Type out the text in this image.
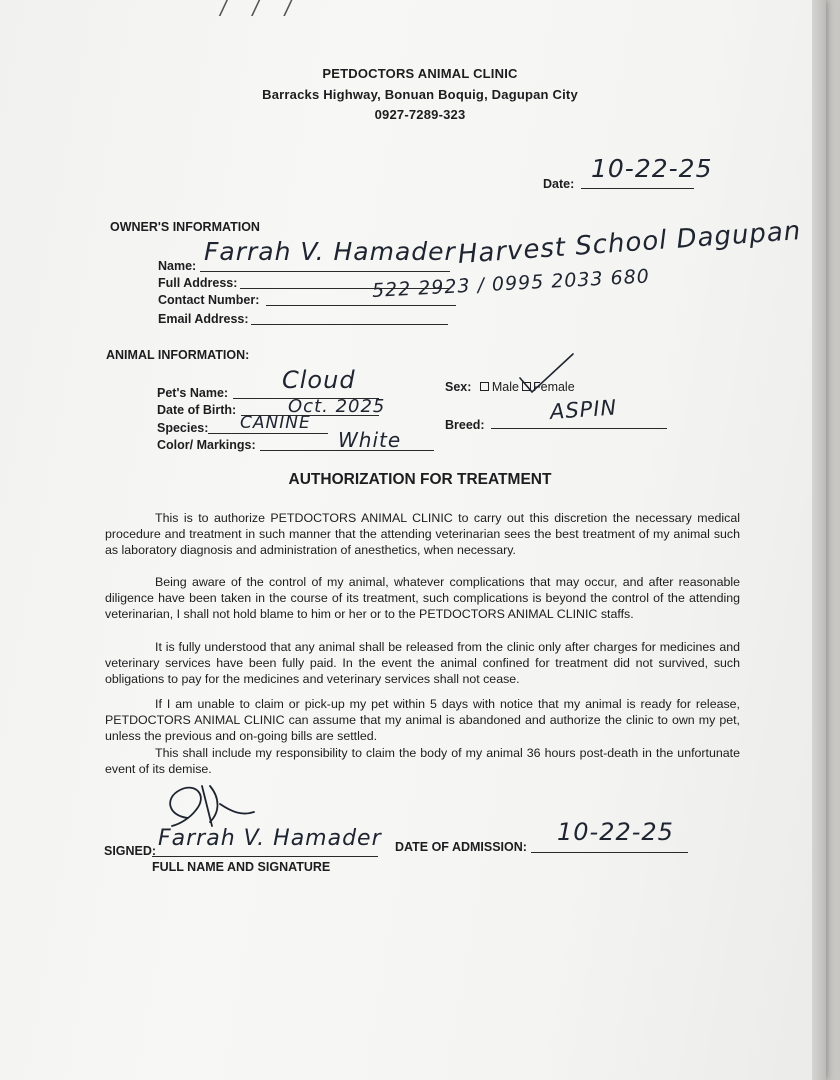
/ / /
PETDOCTORS ANIMAL CLINIC
Barracks Highway, Bonuan Boquig, Dagupan City
0927-7289-323
Date:
10-22-25
OWNER'S INFORMATION
Name: Farrah V. Hamader
Full Address:
Harvest School Dagupan
Contact Number:	522 2923 / 0995 2033 680
Email Address:
ANIMAL INFORMATION:
Pet's Name: Cloud
Date of Birth:	Oct. 2025
Species: CANINE
Color/ Markings:	White
Sex: Male Female
Breed:
ASPIN
AUTHORIZATION FOR TREATMENT

This is to authorize PETDOCTORS ANIMAL CLINIC to carry out this discretion the necessary medical procedure and treatment in such manner that the attending veterinarian sees the best treatment of my animal such as laboratory diagnosis and administration of anesthetics, when necessary.

Being aware of the control of my animal, whatever complications that may occur, and after reasonable diligence have been taken in the course of its treatment, such complications is beyond the control of the attending veterinarian, I shall not hold blame to him or her or to the PETDOCTORS ANIMAL CLINIC staffs.

It is fully understood that any animal shall be released from the clinic only after charges for medicines and veterinary services have been fully paid. In the event the animal confined for treatment did not survived, such obligations to pay for the medicines and veterinary services shall not cease.

If I am unable to claim or pick-up my pet within 5 days with notice that my animal is ready for release, PETDOCTORS ANIMAL CLINIC can assume that my animal is abandoned and authorize the clinic to own my pet, unless the previous and on-going bills are settled.

This shall include my responsibility to claim the body of my animal 36 hours post-death in the unfortunate event of its demise.

SIGNED: Farrah V. Hamader
FULL NAME AND SIGNATURE
DATE OF ADMISSION:
10-22-25
